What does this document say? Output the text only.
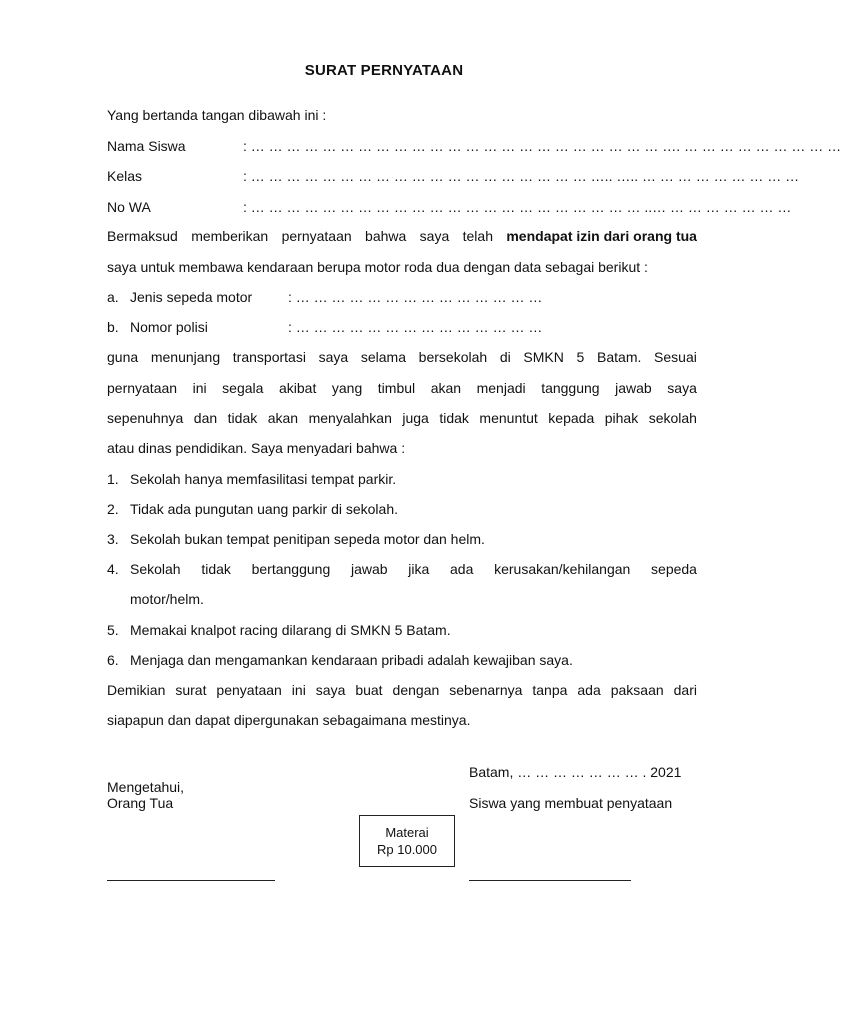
SURAT PERNYATAAN
Yang bertanda tangan dibawah ini :
Nama Siswa	: … … … … … … … … … … … … … … … … … … … … … … … …. … … … … … … … … …
Kelas	: … … … … … … … … … … … … … … … … … … … ….. ….. … … … … … … … … …
No WA	: … … … … … … … … … … … … … … … … … … … … … … ..… … … … … … … …
Bermaksud memberikan pernyataan bahwa saya telah mendapat izin dari orang tua
saya untuk membawa kendaraan berupa motor roda dua dengan data sebagai berikut :
a. Jenis sepeda motor	: … … … … … … … … … … … … … …
b. Nomor polisi	: … … … … … … … … … … … … … …
guna menunjang transportasi saya selama bersekolah di SMKN 5 Batam. Sesuai
pernyataan ini segala akibat yang timbul akan menjadi tanggung jawab saya
sepenuhnya dan tidak akan menyalahkan juga tidak menuntut kepada pihak sekolah
atau dinas pendidikan. Saya menyadari bahwa :
1. Sekolah hanya memfasilitasi tempat parkir.
2. Tidak ada pungutan uang parkir di sekolah.
3. Sekolah bukan tempat penitipan sepeda motor dan helm.
4. Sekolah tidak bertanggung jawab jika ada kerusakan/kehilangan sepeda
motor/helm.
5. Memakai knalpot racing dilarang di SMKN 5 Batam.
6. Menjaga dan mengamankan kendaraan pribadi adalah kewajiban saya.
Demikian surat penyataan ini saya buat dengan sebenarnya tanpa ada paksaan dari
siapapun dan dapat dipergunakan sebagaimana mestinya.
Batam, … … … … … … … . 2021
Mengetahui,
Orang Tua	Siswa yang membuat penyataan
Materai
Rp 10.000
